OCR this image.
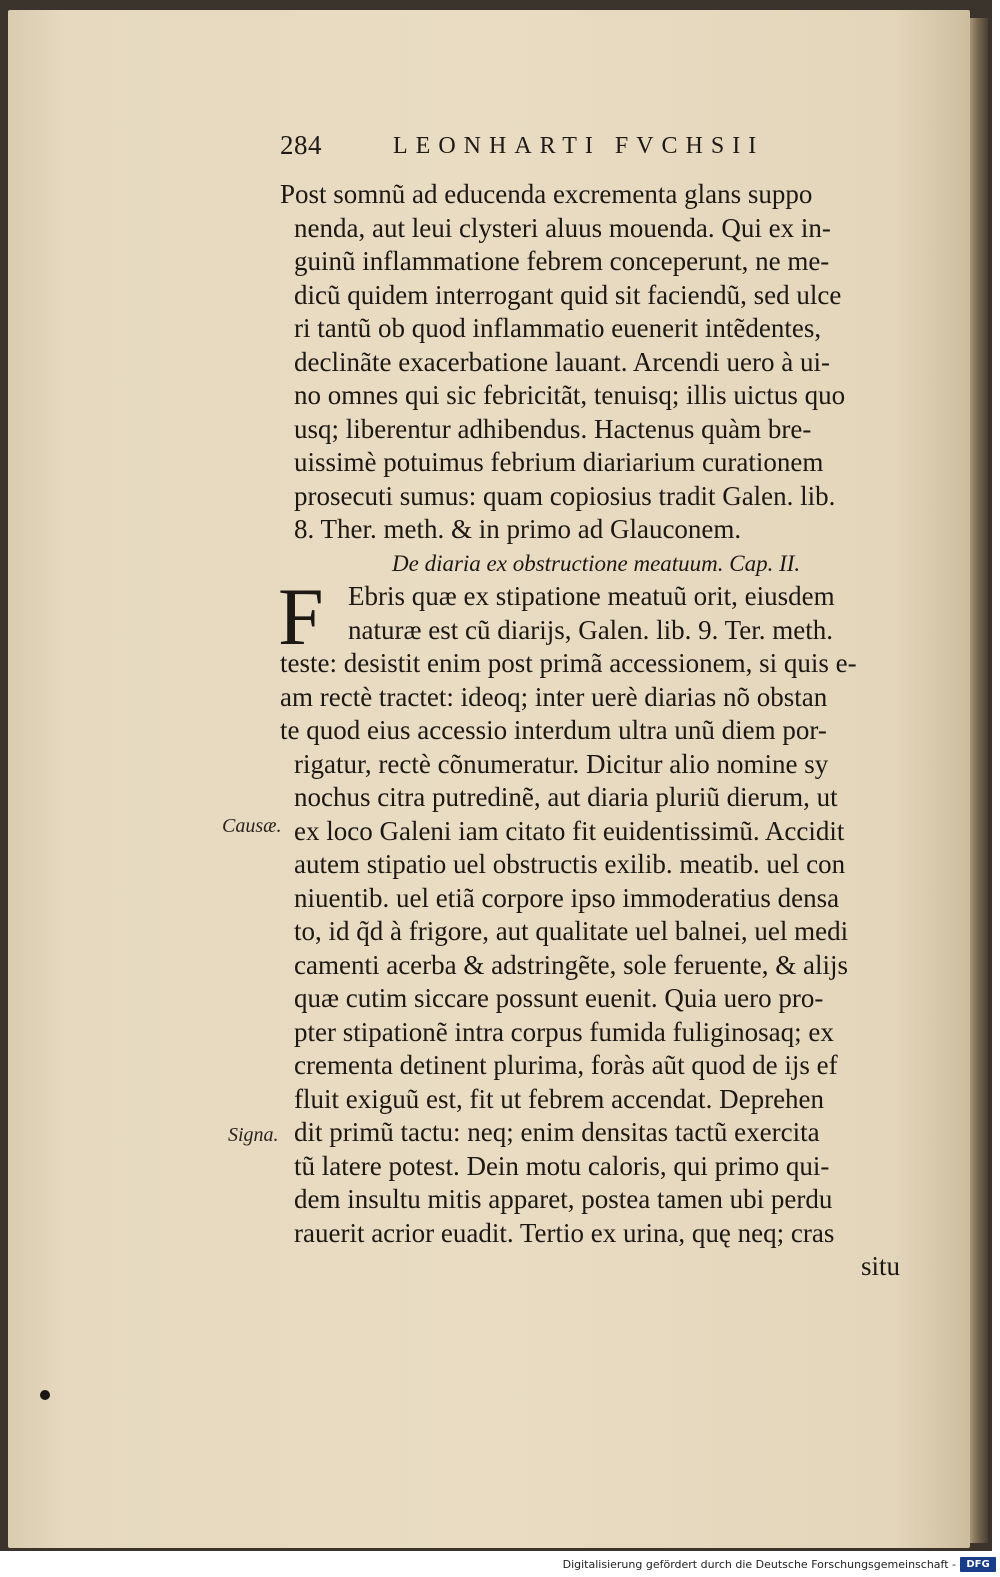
284	LEONHARTI FVCHSII
F
Post somnũ ad educenda excrementa glans suppo
nenda, aut leui clysteri aluus mouenda. Qui ex in-
guinũ inflammatione febrem conceperunt, ne me-
dicũ quidem interrogant quid sit faciendũ, sed ulce
ri tantũ ob quod inflammatio euenerit intẽdentes,
declinãte exacerbatione lauant. Arcendi uero à ui-
no omnes qui sic febricitãt, tenuisq; illis uictus quo
usq; liberentur adhibendus. Hactenus quàm bre-
uissimè potuimus febrium diariarium curationem
prosecuti sumus: quam copiosius tradit Galen. lib.
8. Ther. meth. & in primo ad Glauconem.
De diaria ex obstructione meatuum. Cap. II.
Ebris quæ ex stipatione meatuũ orit, eiusdem
naturæ est cũ diarijs, Galen. lib. 9. Ter. meth.
teste: desistit enim post primã accessionem, si quis e-
am rectè tractet: ideoq; inter uerè diarias nõ obstan
te quod eius accessio interdum ultra unũ diem por-
rigatur, rectè cõnumeratur. Dicitur alio nomine sy
nochus citra putredinẽ, aut diaria pluriũ dierum, ut
ex loco Galeni iam citato fit euidentissimũ. Accidit
autem stipatio uel obstructis exilib. meatib. uel con
niuentib. uel etiã corpore ipso immoderatius densa
to, id q̃d à frigore, aut qualitate uel balnei, uel medi
camenti acerba & adstringẽte, sole feruente, & alijs
quæ cutim siccare possunt euenit. Quia uero pro-
pter stipationẽ intra corpus fumida fuliginosaq; ex
crementa detinent plurima, foràs aũt quod de ijs ef
fluit exiguũ est, fit ut febrem accendat. Deprehen
dit primũ tactu: neq; enim densitas tactũ exercita
tũ latere potest. Dein motu caloris, qui primo qui-
dem insultu mitis apparet, postea tamen ubi perdu
rauerit acrior euadit. Tertio ex urina, quę neq; cras
situ
Causæ.
Signa.
Digitalisierung gefördert durch die Deutsche Forschungsgemeinschaft -	DFG
